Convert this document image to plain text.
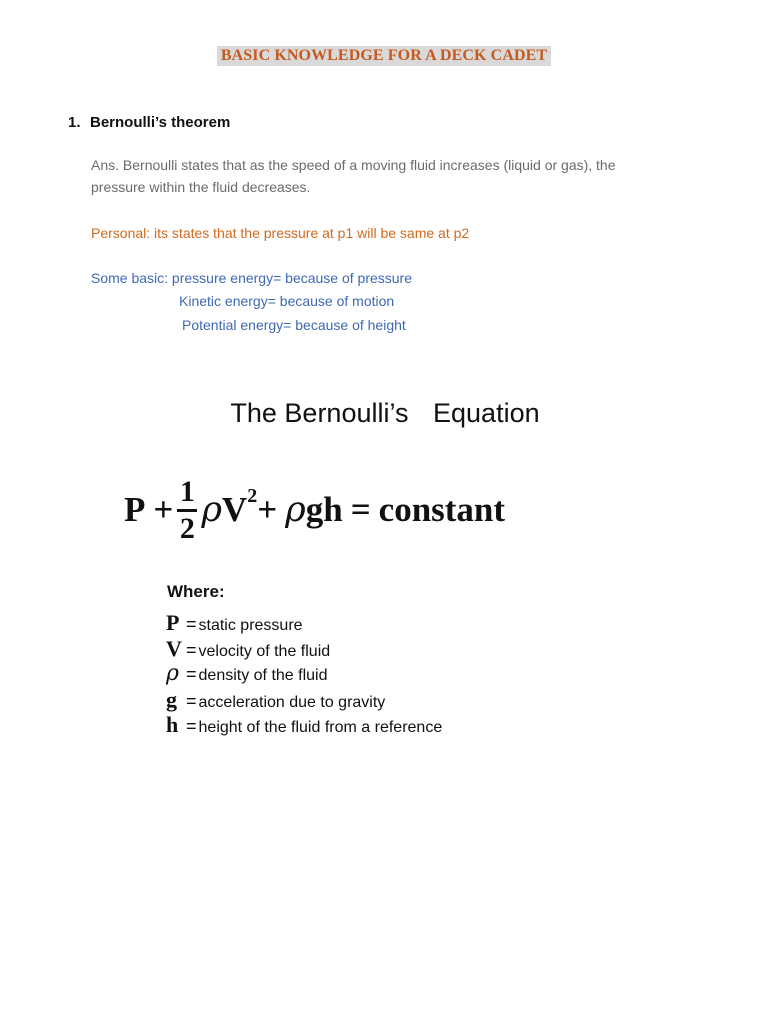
BASIC KNOWLEDGE FOR A DECK CADET
1. Bernoulli’s theorem
Ans. Bernoulli states that as the speed of a moving fluid increases (liquid or gas), the
pressure within the fluid decreases.
Personal: its states that the pressure at p1 will be same at p2
Some basic: pressure energy= because of pressure
Kinetic energy= because of motion
Potential energy= because of height
The Bernoulli’s Equation
$P + \frac{1}{2}$ ρ V 2 + ρ gh = constant
Where:
P = static pressure
V = velocity of the fluid
ρ = density of the fluid
g = acceleration due to gravity
h = height of the fluid from a reference
